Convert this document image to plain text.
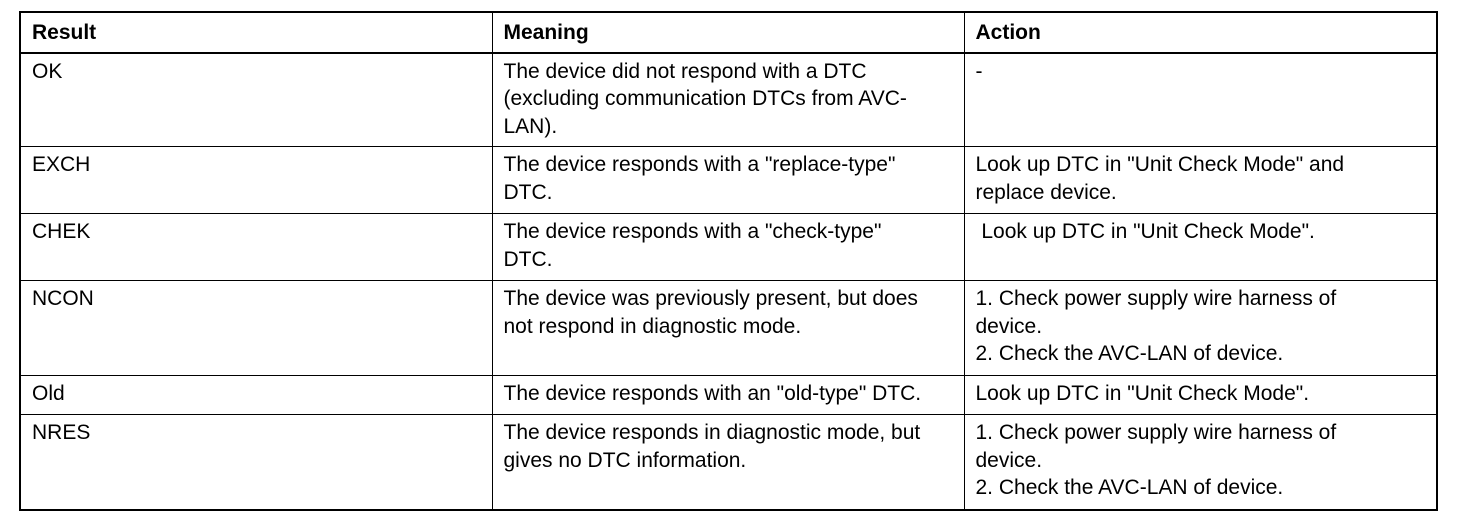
Result	Meaning	Action

OK	The device did not respond with a DTC
(excluding communication DTCs from AVC-
LAN).	-

EXCH	The device responds with a "replace-type"
DTC.	Look up DTC in "Unit Check Mode" and
replace device.

CHEK	The device responds with a "check-type"
DTC.	Look up DTC in "Unit Check Mode".

NCON	The device was previously present, but does
not respond in diagnostic mode.	1. Check power supply wire harness of
device.
2. Check the AVC-LAN of device.

Old	The device responds with an "old-type" DTC.	Look up DTC in "Unit Check Mode".

NRES	The device responds in diagnostic mode, but
gives no DTC information.	1. Check power supply wire harness of
device.
2. Check the AVC-LAN of device.
